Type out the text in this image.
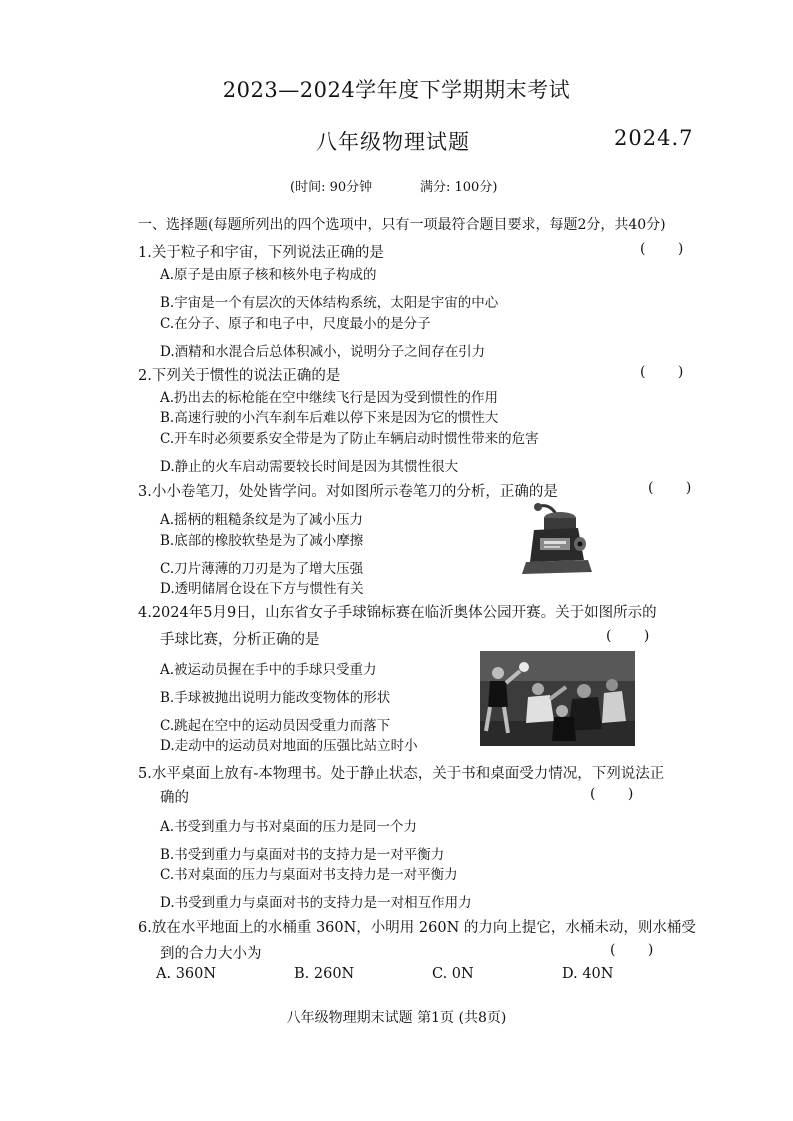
2023—2024学年度下学期期末考试
八年级物理试题	2024.7
(时间: 90分钟	满分: 100分)
一、选择题(每题所列出的四个选项中，只有一项最符合题目要求，每题2分，共40分)
1.关于粒子和宇宙，下列说法正确的是	( )
A.原子是由原子核和核外电子构成的
B.宇宙是一个有层次的天体结构系统，太阳是宇宙的中心
C.在分子、原子和电子中，尺度最小的是分子
D.酒精和水混合后总体积减小，说明分子之间存在引力
2.下列关于惯性的说法正确的是	( )
A.扔出去的标枪能在空中继续飞行是因为受到惯性的作用
B.高速行驶的小汽车刹车后难以停下来是因为它的惯性大
C.开车时必须要系安全带是为了防止车辆启动时惯性带来的危害
D.静止的火车启动需要较长时间是因为其惯性很大
3.小小卷笔刀，处处皆学问。对如图所示卷笔刀的分析，正确的是	( )
A.摇柄的粗糙条纹是为了减小压力
B.底部的橡胶软垫是为了减小摩擦
C.刀片薄薄的刀刃是为了增大压强
D.透明储屑仓设在下方与惯性有关
4.2024年5月9日，山东省女子手球锦标赛在临沂奥体公园开赛。关于如图所示的
手球比赛，分析正确的是	( )
A.被运动员握在手中的手球只受重力
B.手球被抛出说明力能改变物体的形状
C.跳起在空中的运动员因受重力而落下
D.走动中的运动员对地面的压强比站立时小
5.水平桌面上放有-本物理书。处于静止状态，关于书和桌面受力情况，下列说法正
确的	( )
A.书受到重力与书对桌面的压力是同一个力
B.书受到重力与桌面对书的支持力是一对平衡力
C.书对桌面的压力与桌面对书支持力是一对平衡力
D.书受到重力与桌面对书的支持力是一对相互作用力
6.放在水平地面上的水桶重 360N，小明用 260N 的力向上提它，水桶未动，则水桶受
到的合力大小为	( )
A. 360N	B. 260N	C. 0N	D. 40N
八年级物理期末试题 第1页 (共8页)
